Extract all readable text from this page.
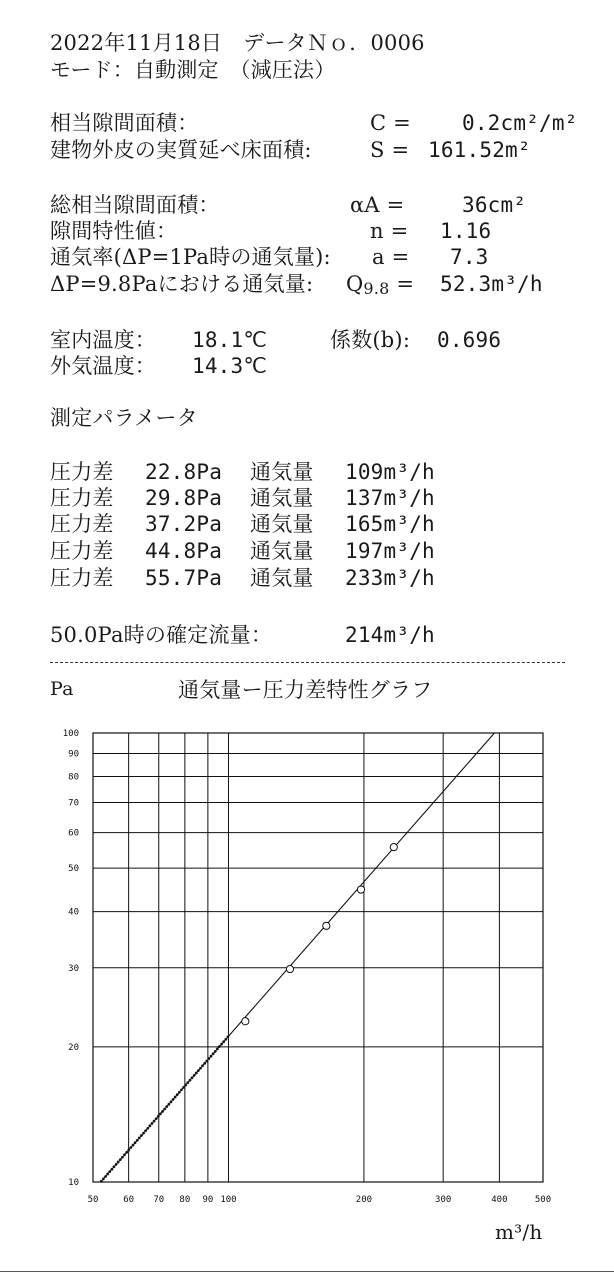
2022年11月18日　データＮｏ．0006
モード：自動測定　（減圧法）
相当隙間面積：	C = 0.2cm²/m²
建物外皮の実質延べ床面積:	S = 161.52m²
総相当隙間面積：	αA =	36cm²
隙間特性値：	n = 1.16
通気率(ΔP=1Pa時の通気量): a = 7.3
ΔP=9.8Paにおける通気量: Q9.8 = 52.3m³/h
室内温度： 18.1℃	係数(b): 0.696
外気温度： 14.3℃
測定パラメータ
圧力差 22.8Pa 通気量 109m³/h
圧力差 29.8Pa 通気量 137m³/h
圧力差 37.2Pa 通気量 165m³/h
圧力差 44.8Pa 通気量 197m³/h
圧力差 55.7Pa 通気量 233m³/h
50.0Pa時の確定流量：	214m³/h
Pa	通気量ー圧力差特性グラフ
50	60 70 80 90 100	200	300	400	500
10
20
30
40
50
60
70
80
90
100
m³/h
